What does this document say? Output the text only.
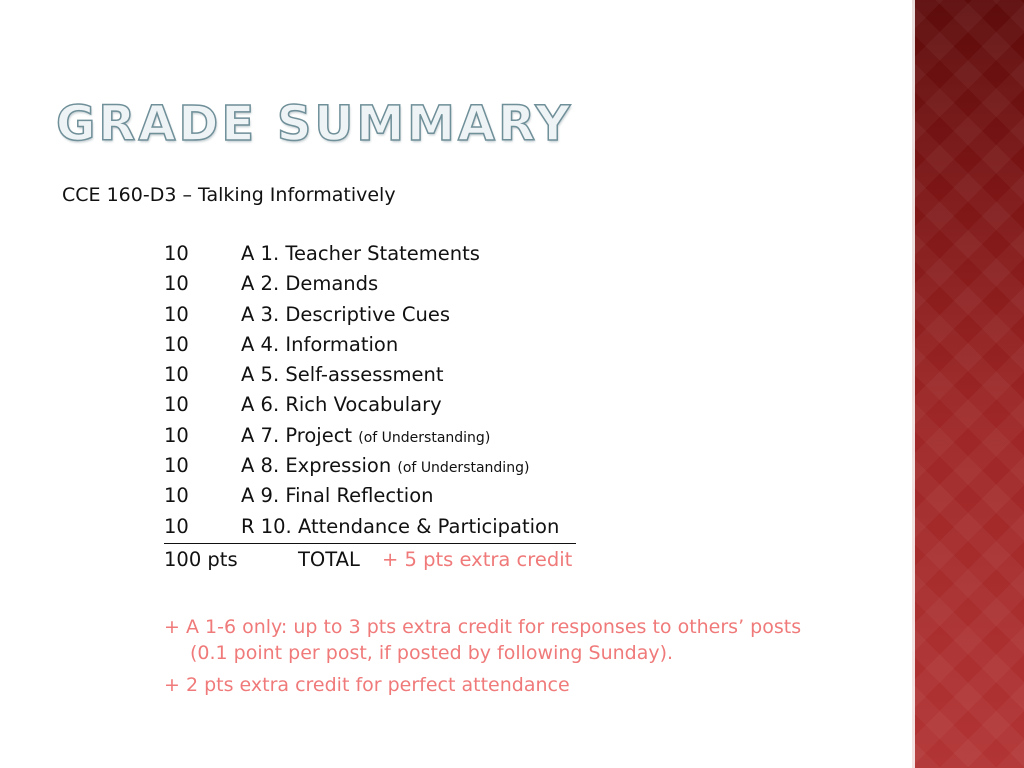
GRADE SUMMARY
CCE 160-D3 – Talking Informatively
10	A 1. Teacher Statements
10	A 2. Demands
10	A 3. Descriptive Cues
10	A 4. Information
10	A 5. Self-assessment
10	A 6. Rich Vocabulary
10	A 7. Project (of Understanding)
10	A 8. Expression (of Understanding)
10	A 9. Final Reflection
10	R 10. Attendance & Participation
100 pts	TOTAL + 5 pts extra credit
+ A 1-6 only: up to 3 pts extra credit for responses to others’ posts
(0.1 point per post, if posted by following Sunday).
+ 2 pts extra credit for perfect attendance
